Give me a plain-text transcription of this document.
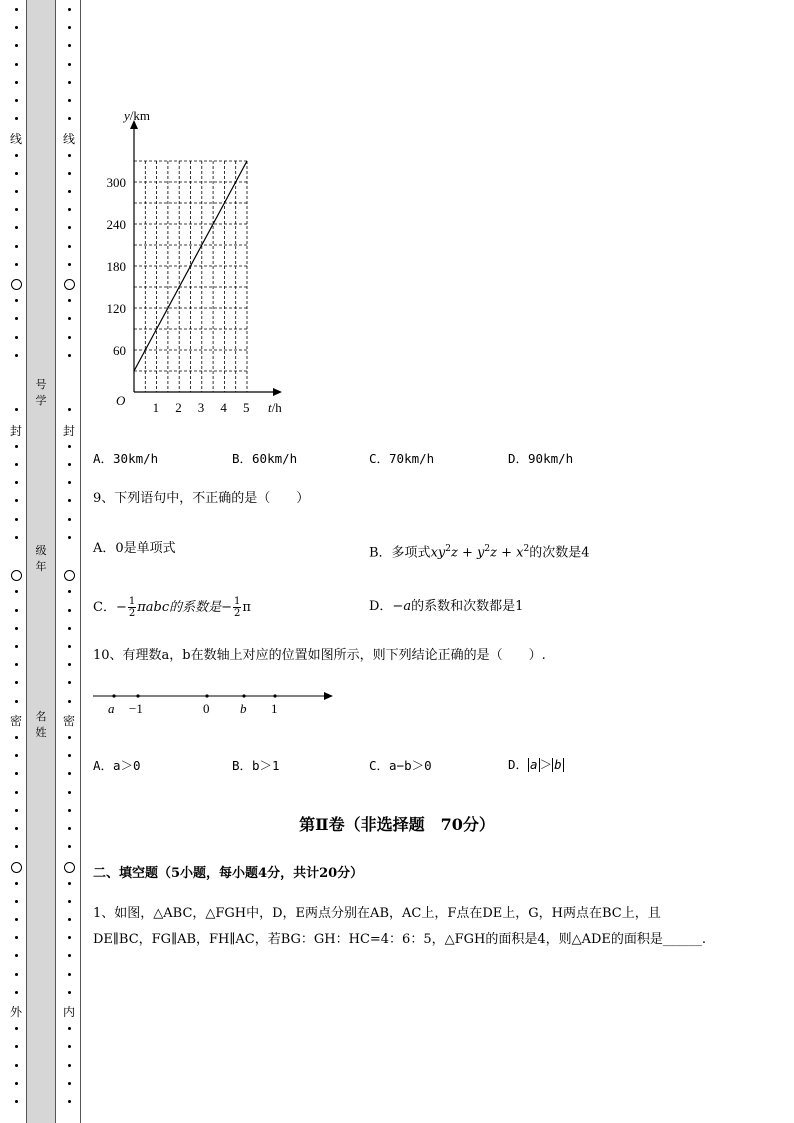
线
封
密
外
线
封
密
内
号
学
级
年
名
姓
1 2 3 4 5
60
120
180
240
300
y/km
t/h
O
A．30km/h	B．60km/h	C．70km/h	D．90km/h
9、下列语句中，不正确的是（　　）
A．0是单项式	B．多项式$xy^2z + y^2z + x^2$的次数是4
C．− $\frac{1}{2}$ πabc的系数是− $\frac{1}{2}$ π	D．−a的系数和次数都是1
10、有理数a，b在数轴上对应的位置如图所示，则下列结论正确的是（　　）.
a −1	0 b 1
A．a＞0	B．b＞1	C．a−b＞0	D． a ＞ b
第Ⅱ卷（非选择题　70分）
二、填空题（5小题，每小题4分，共计20分）
1、如图，△ABC，△FGH中，D，E两点分别在AB，AC上，F点在DE上，G，H两点在BC上，且
DE∥BC，FG∥AB，FH∥AC，若BG：GH：HC=4：6：5，△FGH的面积是4，则△ADE的面积是______.
